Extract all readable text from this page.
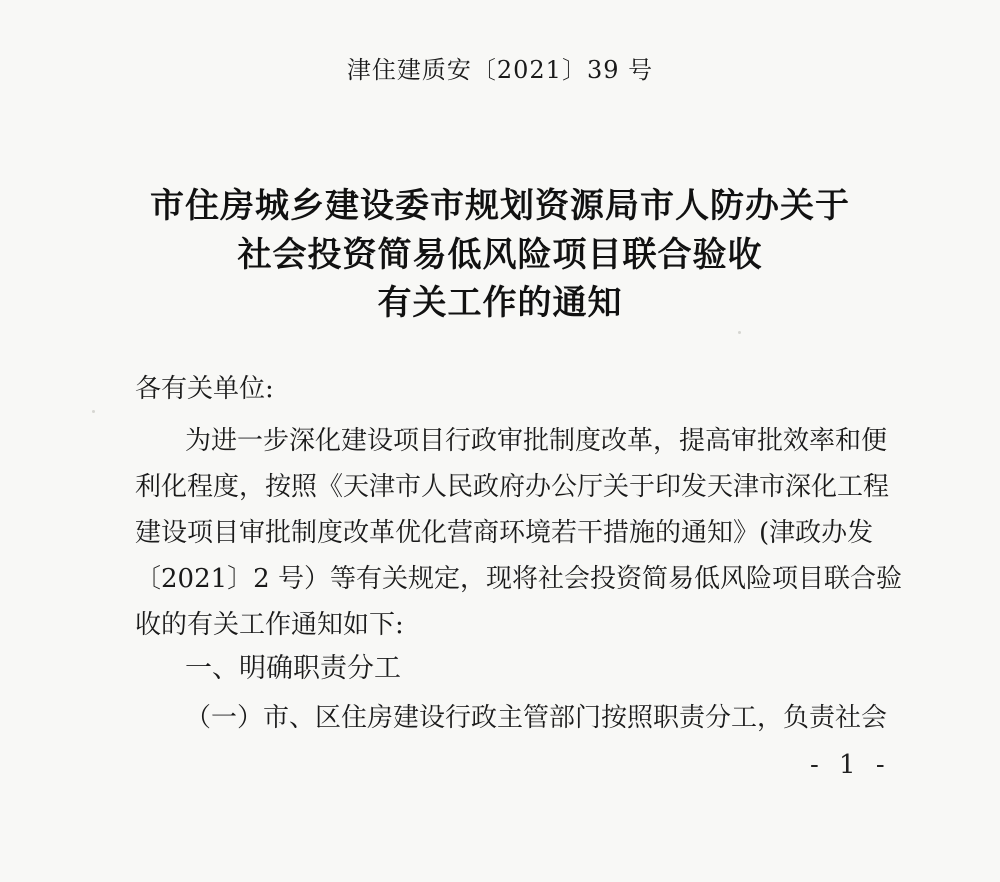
津住建质安〔2021〕39 号
市住房城乡建设委市规划资源局市人防办关于
社会投资简易低风险项目联合验收
有关工作的通知
各有关单位:
为进一步深化建设项目行政审批制度改革，提高审批效率和便
利化程度，按照《天津市人民政府办公厅关于印发天津市深化工程
建设项目审批制度改革优化营商环境若干措施的通知》(津政办发
〔2021〕2 号）等有关规定，现将社会投资简易低风险项目联合验
收的有关工作通知如下:
一、明确职责分工
（一）市、区住房建设行政主管部门按照职责分工，负责社会
- 1 -
